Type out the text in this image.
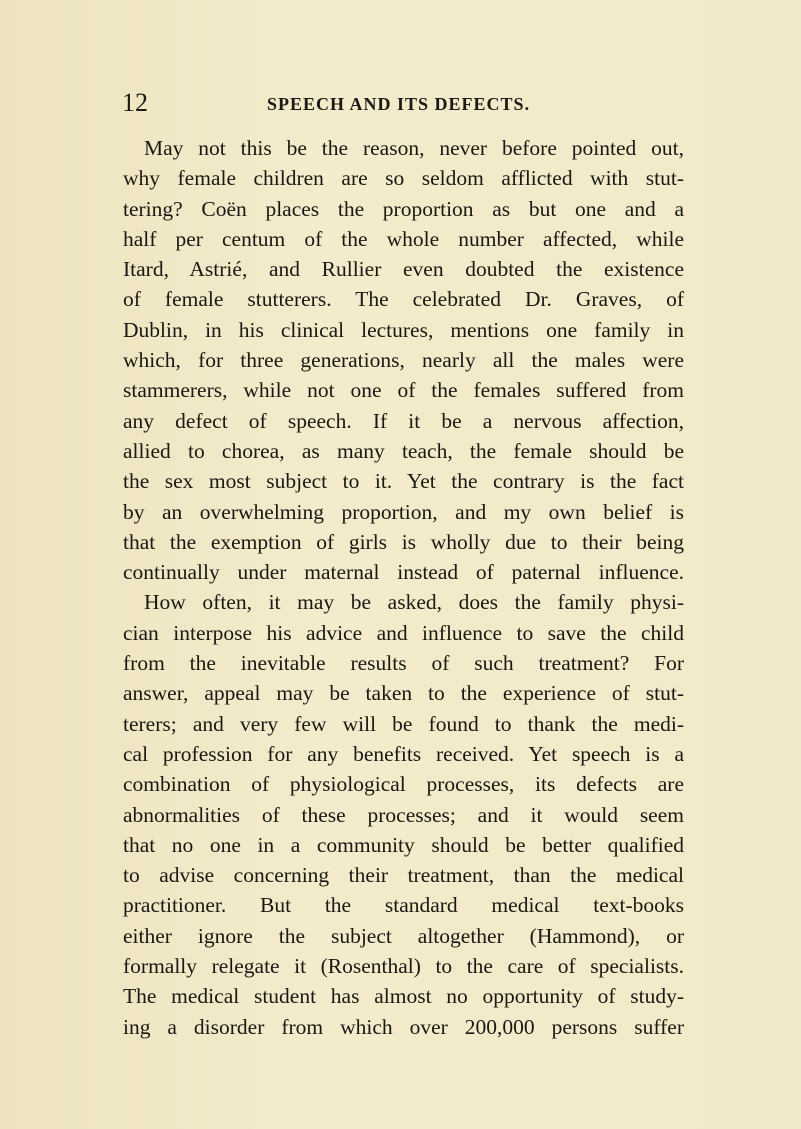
12	SPEECH AND ITS DEFECTS.

May not this be the reason, never before pointed out,
why female children are so seldom afflicted with stut-
tering? Coën places the proportion as but one and a
half per centum of the whole number affected, while
Itard, Astrié, and Rullier even doubted the existence
of female stutterers. The celebrated Dr. Graves, of
Dublin, in his clinical lectures, mentions one family in
which, for three generations, nearly all the males were
stammerers, while not one of the females suffered from
any defect of speech. If it be a nervous affection,
allied to chorea, as many teach, the female should be
the sex most subject to it. Yet the contrary is the fact
by an overwhelming proportion, and my own belief is
that the exemption of girls is wholly due to their being
continually under maternal instead of paternal influence.

How often, it may be asked, does the family physi-
cian interpose his advice and influence to save the child
from the inevitable results of such treatment? For
answer, appeal may be taken to the experience of stut-
terers; and very few will be found to thank the medi-
cal profession for any benefits received. Yet speech is a
combination of physiological processes, its defects are
abnormalities of these processes; and it would seem
that no one in a community should be better qualified
to advise concerning their treatment, than the medical
practitioner. But the standard medical text-books
either ignore the subject altogether (Hammond), or
formally relegate it (Rosenthal) to the care of specialists.
The medical student has almost no opportunity of study-
ing a disorder from which over 200,000 persons suffer
